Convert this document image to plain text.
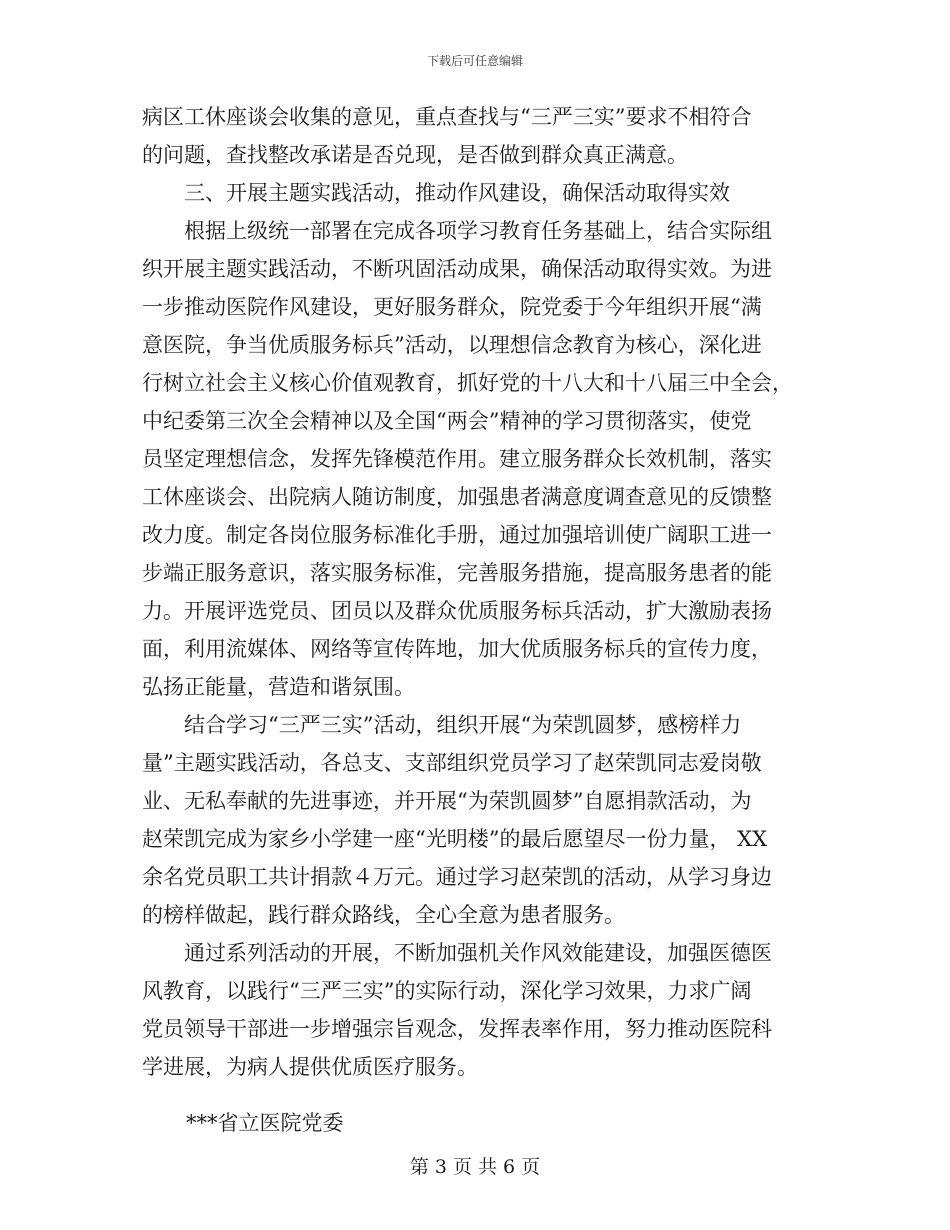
下载后可任意编辑
病区工休座谈会收集的意见，重点查找与“三严三实”要求不相符合
的问题，查找整改承诺是否兑现，是否做到群众真正满意。
三、开展主题实践活动，推动作风建设，确保活动取得实效
根据上级统一部署在完成各项学习教育任务基础上，结合实际组
织开展主题实践活动，不断巩固活动成果，确保活动取得实效。为进
一步推动医院作风建设，更好服务群众，院党委于今年组织开展“满
意医院，争当优质服务标兵”活动，以理想信念教育为核心，深化进
行树立社会主义核心价值观教育，抓好党的十八大和十八届三中全会，
中纪委第三次全会精神以及全国“两会”精神的学习贯彻落实，使党
员坚定理想信念，发挥先锋模范作用。建立服务群众长效机制，落实
工休座谈会、出院病人随访制度，加强患者满意度调查意见的反馈整
改力度。制定各岗位服务标准化手册，通过加强培训使广阔职工进一
步端正服务意识，落实服务标准，完善服务措施，提高服务患者的能
力。开展评选党员、团员以及群众优质服务标兵活动，扩大激励表扬
面，利用流媒体、网络等宣传阵地，加大优质服务标兵的宣传力度，
弘扬正能量，营造和谐氛围。
结合学习“三严三实”活动，组织开展“为荣凯圆梦，感榜样力
量”主题实践活动，各总支、支部组织党员学习了赵荣凯同志爱岗敬
业、无私奉献的先进事迹，并开展“为荣凯圆梦”自愿捐款活动，为
赵荣凯完成为家乡小学建一座“光明楼”的最后愿望尽一份力量， XX
余名党员职工共计捐款４万元。通过学习赵荣凯的活动，从学习身边
的榜样做起，践行群众路线，全心全意为患者服务。
通过系列活动的开展，不断加强机关作风效能建设，加强医德医
风教育，以践行“三严三实”的实际行动，深化学习效果，力求广阔
党员领导干部进一步增强宗旨观念，发挥表率作用，努力推动医院科
学进展，为病人提供优质医疗服务。
***省立医院党委
第 3 页 共 6 页
